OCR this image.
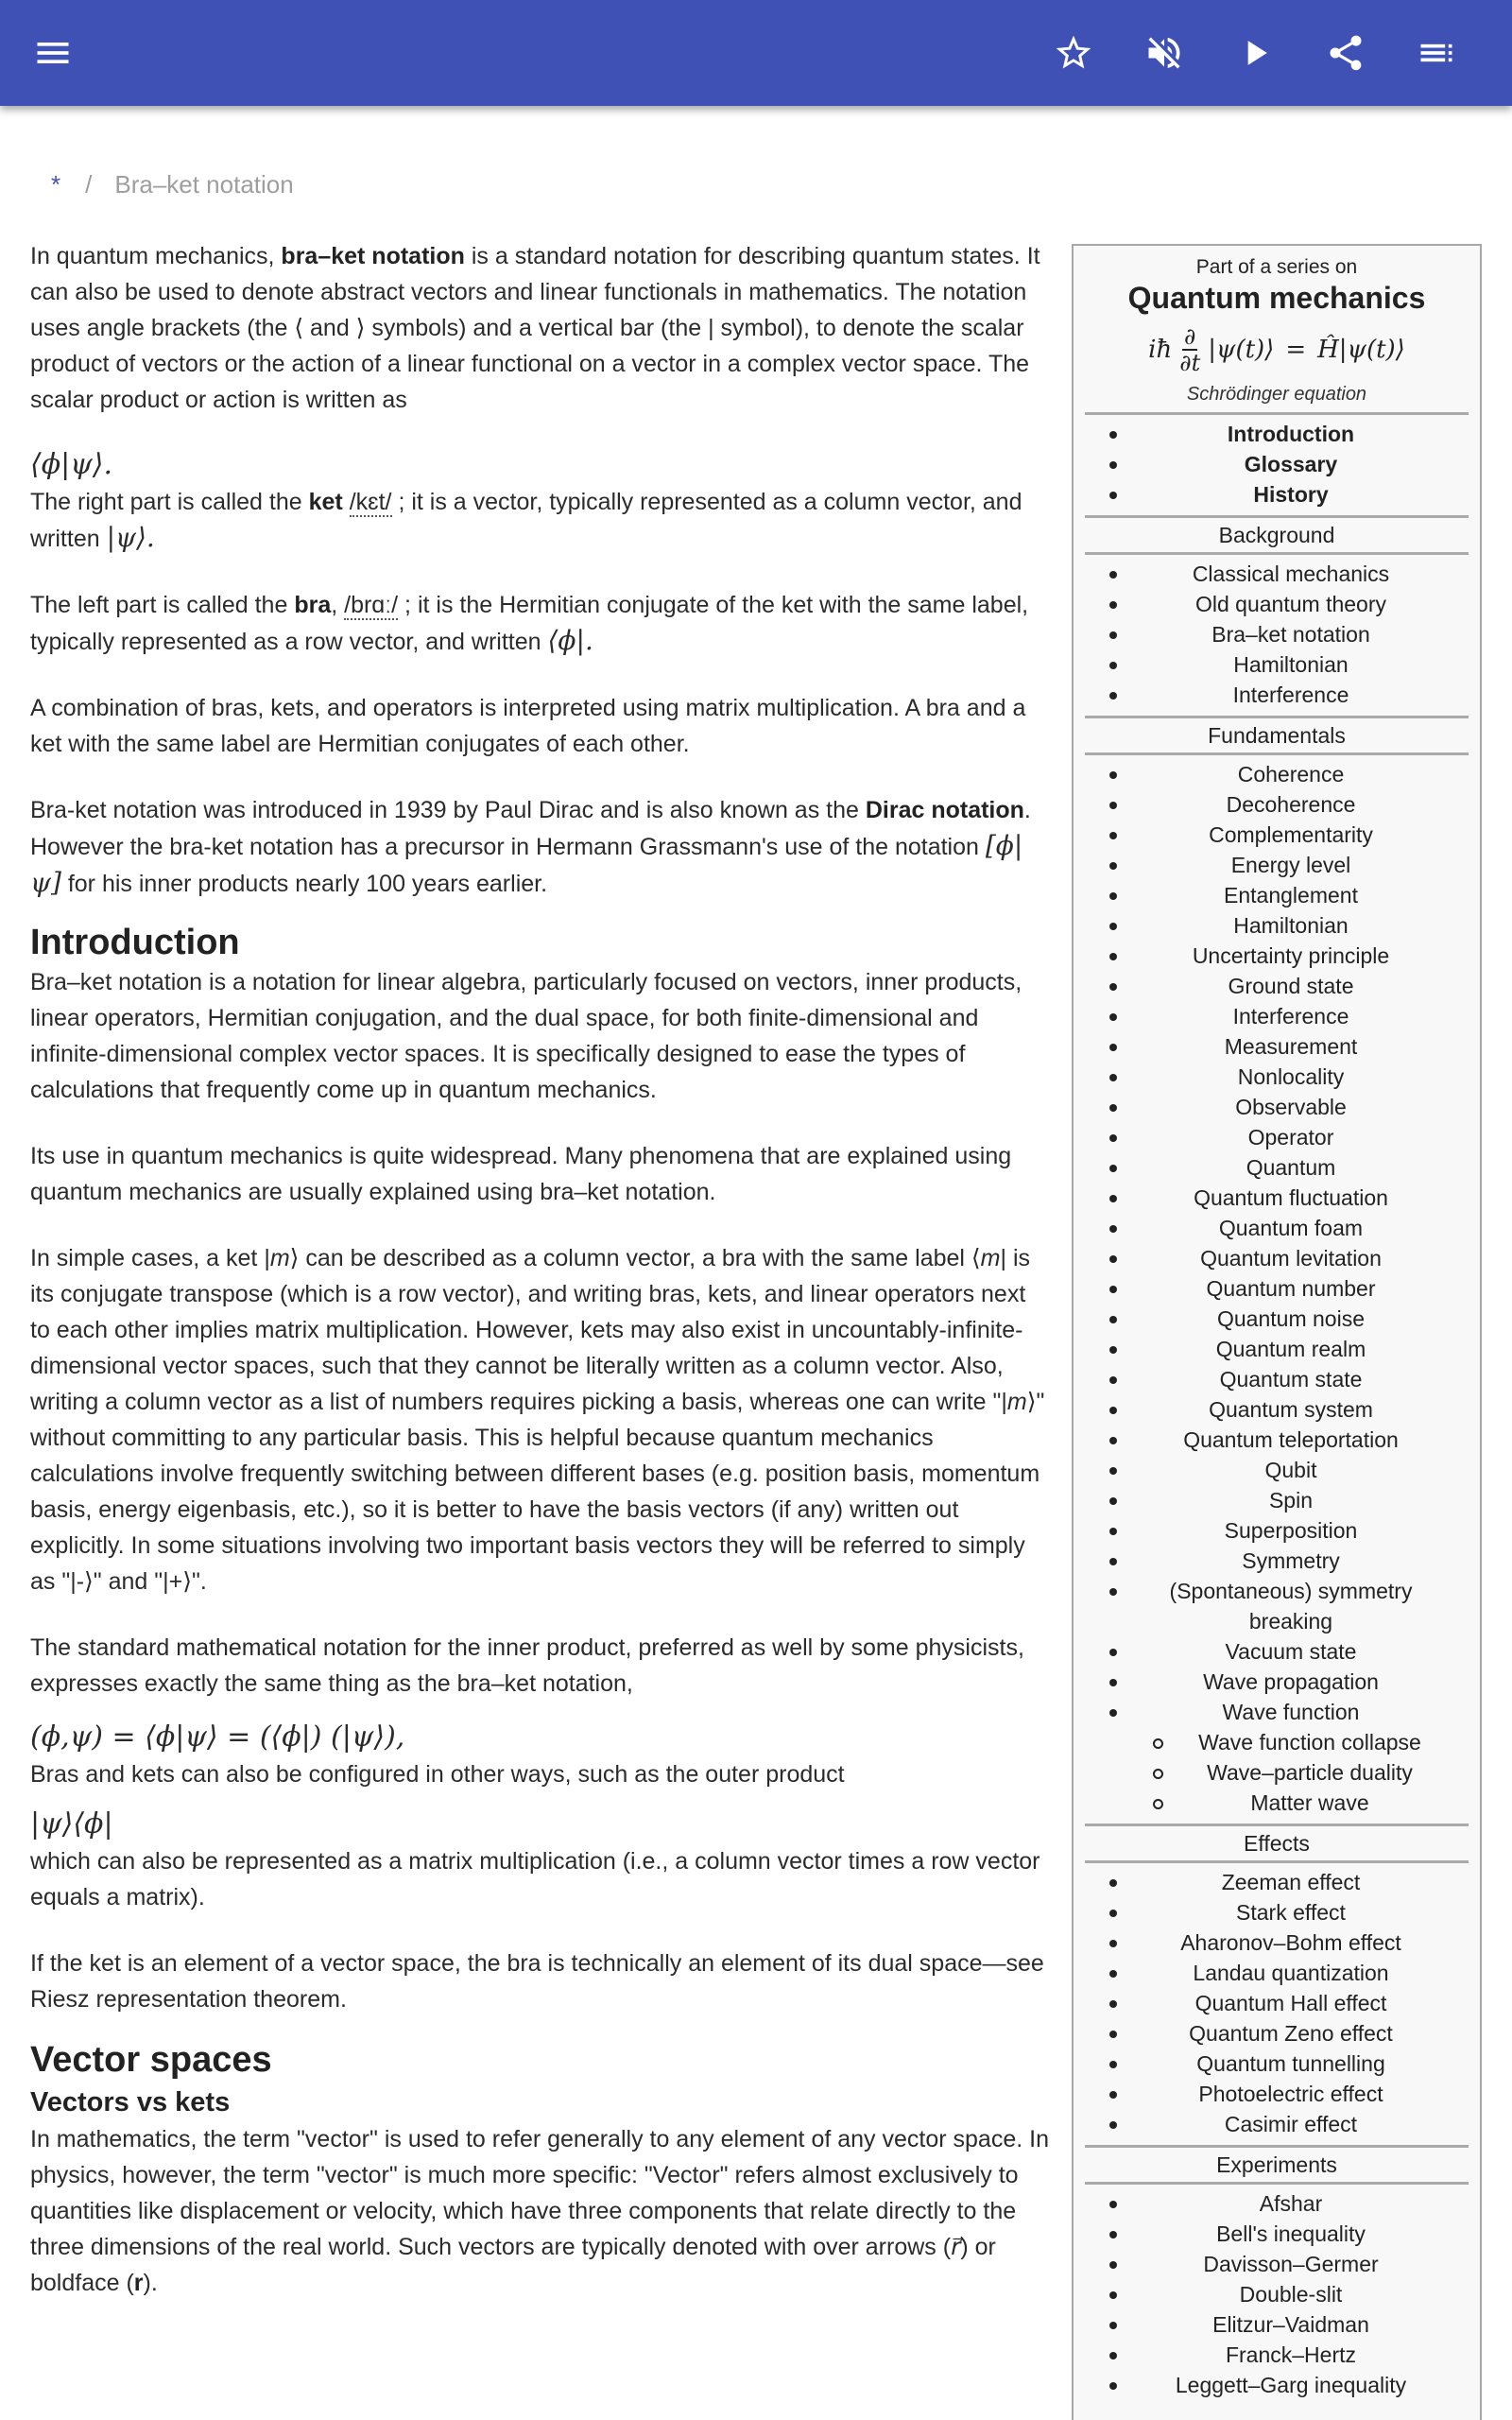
* / Bra–ket notation

In quantum mechanics, bra–ket notation is a standard notation for describing quantum states. It can also be used to denote abstract vectors and linear functionals in mathematics. The notation uses angle brackets (the ⟨ and ⟩ symbols) and a vertical bar (the | symbol), to denote the scalar product of vectors or the action of a linear functional on a vector in a complex vector space. The scalar product or action is written as

⟨ϕ|ψ⟩.

The right part is called the ket /kɛt/ ; it is a vector, typically represented as a column vector, and written |ψ⟩.

The left part is called the bra, /brɑː/ ; it is the Hermitian conjugate of the ket with the same label, typically represented as a row vector, and written ⟨ϕ|.

A combination of bras, kets, and operators is interpreted using matrix multiplication. A bra and a ket with the same label are Hermitian conjugates of each other.

Bra-ket notation was introduced in 1939 by Paul Dirac and is also known as the Dirac notation. However the bra-ket notation has a precursor in Hermann Grassmann's use of the notation [ϕ|ψ] for his inner products nearly 100 years earlier.

Introduction

Bra–ket notation is a notation for linear algebra, particularly focused on vectors, inner products, linear operators, Hermitian conjugation, and the dual space, for both finite-dimensional and infinite-dimensional complex vector spaces. It is specifically designed to ease the types of calculations that frequently come up in quantum mechanics.

Its use in quantum mechanics is quite widespread. Many phenomena that are explained using quantum mechanics are usually explained using bra–ket notation.

In simple cases, a ket |m⟩ can be described as a column vector, a bra with the same label ⟨m| is its conjugate transpose (which is a row vector), and writing bras, kets, and linear operators next to each other implies matrix multiplication. However, kets may also exist in uncountably-infinite-dimensional vector spaces, such that they cannot be literally written as a column vector. Also, writing a column vector as a list of numbers requires picking a basis, whereas one can write "|m⟩" without committing to any particular basis. This is helpful because quantum mechanics calculations involve frequently switching between different bases (e.g. position basis, momentum basis, energy eigenbasis, etc.), so it is better to have the basis vectors (if any) written out explicitly. In some situations involving two important basis vectors they will be referred to simply as "|-⟩" and "|+⟩".

The standard mathematical notation for the inner product, preferred as well by some physicists, expresses exactly the same thing as the bra–ket notation,

(ϕ,ψ) = ⟨ϕ|ψ⟩ = (⟨ϕ|) (|ψ⟩),

Bras and kets can also be configured in other ways, such as the outer product

|ψ⟩⟨ϕ|

which can also be represented as a matrix multiplication (i.e., a column vector times a row vector equals a matrix).

If the ket is an element of a vector space, the bra is technically an element of its dual space—see Riesz representation theorem.

Vector spaces
Vectors vs kets

In mathematics, the term "vector" is used to refer generally to any element of any vector space. In physics, however, the term "vector" is much more specific: "Vector" refers almost exclusively to quantities like displacement or velocity, which have three components that relate directly to the three dimensions of the real world. Such vectors are typically denoted with over arrows (r⃗) or boldface (r).

Part of a series on
Quantum mechanics
iħ $\frac{\partial}{\partial t}$ |ψ(t)⟩ = Ĥ|ψ(t)⟩
Schrödinger equation
Introduction
Glossary
History
Background
Classical mechanics
Old quantum theory
Bra–ket notation
Hamiltonian
Interference
Fundamentals
Coherence
Decoherence
Complementarity
Energy level
Entanglement
Hamiltonian
Uncertainty principle
Ground state
Interference
Measurement
Nonlocality
Observable
Operator
Quantum
Quantum fluctuation
Quantum foam
Quantum levitation
Quantum number
Quantum noise
Quantum realm
Quantum state
Quantum system
Quantum teleportation
Qubit
Spin
Superposition
Symmetry
(Spontaneous) symmetry breaking
Vacuum state
Wave propagation
Wave function
Wave function collapse
Wave–particle duality
Matter wave
Effects
Zeeman effect
Stark effect
Aharonov–Bohm effect
Landau quantization
Quantum Hall effect
Quantum Zeno effect
Quantum tunnelling
Photoelectric effect
Casimir effect
Experiments
Afshar
Bell's inequality
Davisson–Germer
Double-slit
Elitzur–Vaidman
Franck–Hertz
Leggett–Garg inequality
